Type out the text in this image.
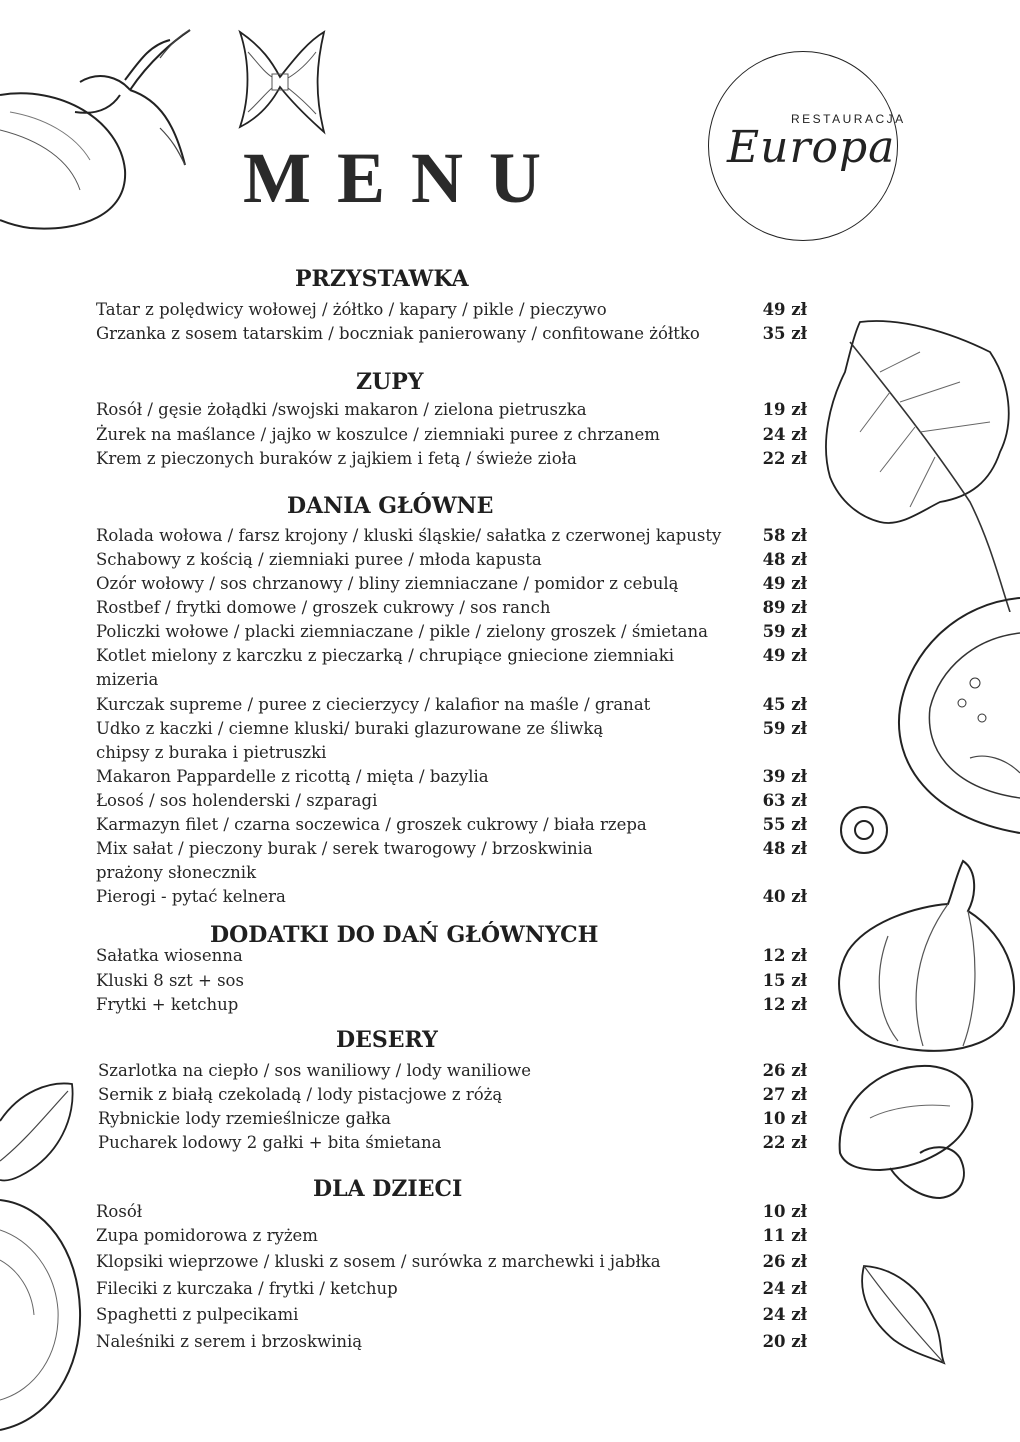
MENU
RESTAURACJA
Europa
PRZYSTAWKA
Tatar z polędwicy wołowej / żółtko / kapary / pikle / pieczywo	49 zł
Grzanka z sosem tatarskim / boczniak panierowany / confitowane żółtko	35 zł
ZUPY
Rosół / gęsie żołądki /swojski makaron / zielona pietruszka	19 zł
Żurek na maślance / jajko w koszulce / ziemniaki puree z chrzanem	24 zł
Krem z pieczonych buraków z jajkiem i fetą / świeże zioła	22 zł
DANIA GŁÓWNE
Rolada wołowa / farsz krojony / kluski śląskie/ sałatka z czerwonej kapusty	58 zł
Schabowy z kością / ziemniaki puree / młoda kapusta	48 zł
Ozór wołowy / sos chrzanowy / bliny ziemniaczane / pomidor z cebulą	49 zł
Rostbef / frytki domowe / groszek cukrowy / sos ranch	89 zł
Policzki wołowe / placki ziemniaczane / pikle / zielony groszek / śmietana	59 zł
Kotlet mielony z karczku z pieczarką / chrupiące gniecione ziemniaki	49 zł
mizeria
Kurczak supreme / puree z ciecierzycy / kalafior na maśle / granat	45 zł
Udko z kaczki / ciemne kluski/ buraki glazurowane ze śliwką	59 zł
chipsy z buraka i pietruszki
Makaron Pappardelle z ricottą / mięta / bazylia	39 zł
Łosoś / sos holenderski / szparagi	63 zł
Karmazyn filet / czarna soczewica / groszek cukrowy / biała rzepa	55 zł
Mix sałat / pieczony burak / serek twarogowy / brzoskwinia	48 zł
prażony słonecznik
Pierogi - pytać kelnera	40 zł
DODATKI DO DAŃ GŁÓWNYCH
Sałatka wiosenna	12 zł
Kluski 8 szt + sos	15 zł
Frytki + ketchup	12 zł
DESERY
Szarlotka na ciepło / sos waniliowy / lody waniliowe	26 zł
Sernik z białą czekoladą / lody pistacjowe z różą	27 zł
Rybnickie lody rzemieślnicze gałka	10 zł
Pucharek lodowy 2 gałki + bita śmietana	22 zł
DLA DZIECI
Rosół	10 zł
Zupa pomidorowa z ryżem	11 zł
Klopsiki wieprzowe / kluski z sosem / surówka z marchewki i jabłka	26 zł
Fileciki z kurczaka / frytki / ketchup	24 zł
Spaghetti z pulpecikami	24 zł
Naleśniki z serem i brzoskwinią	20 zł
